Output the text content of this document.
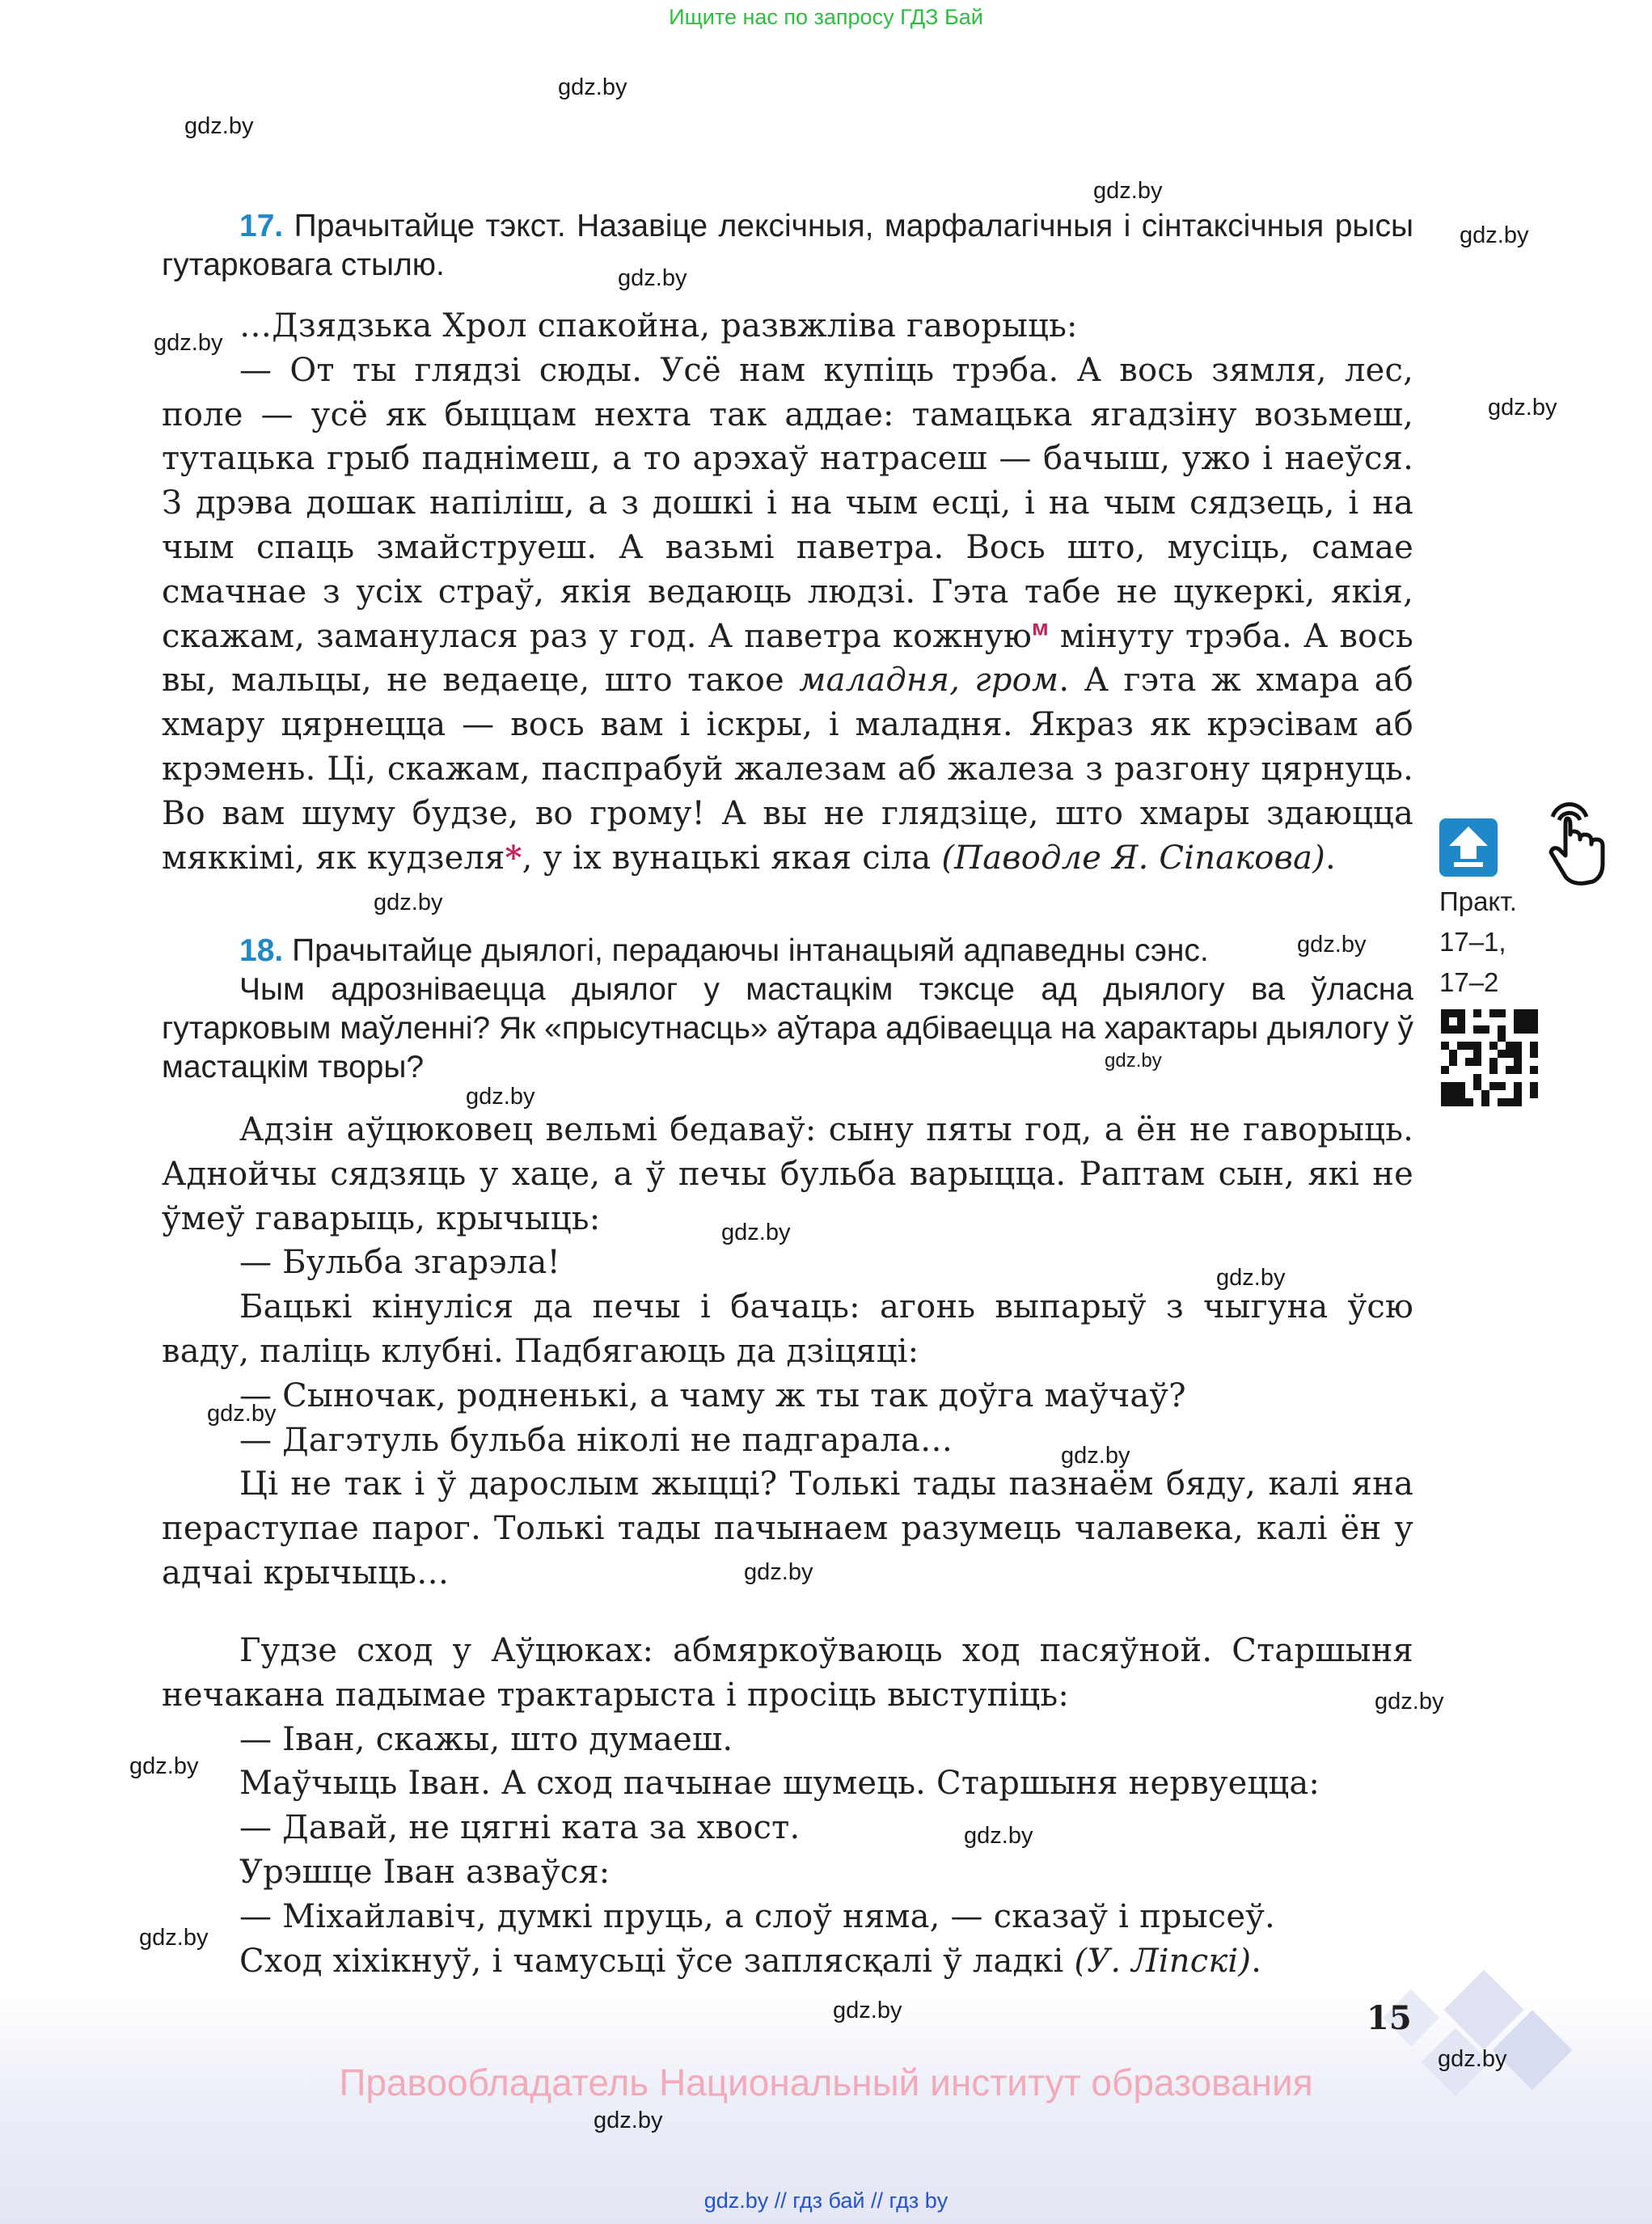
Ищите нас по запросу ГДЗ Бай
gdz.by
gdz.by
gdz.by
gdz.by
gdz.by
gdz.by
gdz.by
gdz.by
gdz.by
gdz.by
gdz.by
gdz.by
gdz.by
gdz.by
gdz.by
gdz.by
gdz.by
gdz.by
gdz.by
gdz.by

17. Прачытайце тэкст. Назавіце лексічныя, марфалагічныя і сінтаксічныя рысы гутарковага стылю.

…Дзядзька Хрол спакойна, развжліва гаворыць:

— От ты глядзі сюды. Усё нам купіць трэба. А вось зямля, лес, поле — усё як быццам нехта так аддае: тамацька ягадзіну возьмеш, тутацька грыб паднімеш, а то арэхаў натрасеш — бачыш, ужо і наеўся. З дрэва дошак напіліш, а з дошкі і на чым есці, і на чым сядзець, і на чым спаць змайструеш. А вазьмі паветра. Вось што, мусіць, самае смачнае з усіх страў, якія ведаюць людзі. Гэта табе не цукеркі, якія, скажам, заманулася раз у год. А паветра кожную$^м$ мінуту трэба. А вось вы, мальцы, не ведаеце, што такое маладня, гром. А гэта ж хмара аб хмару цярнецца — вось вам і іскры, і маладня. Якраз як крэсівам аб крэмень. Ці, скажам, паспрабуй жалезам аб жалеза з разгону цярнуць. Во вам шуму будзе, во грому! А вы не глядзіце, што хмары здаюцца мяккімі, як кудзеля*, у іх вунацькі якая сіла (Паводле Я. Сіпакова).

18. Прачытайце дыялогі, перадаючы інтанацыяй адпаведны сэнс.

Чым адрозніваецца дыялог у мастацкім тэксце ад дыялогу ва ўласна гутарковым маўленні? Як «прысутнасць» аўтара адбіваецца на характары дыялогу ў мастацкім творы?

Адзін аўцюковец вельмі бедаваў: сыну пяты год, а ён не гаворыць. Аднойчы сядзяць у хаце, а ў печы бульба варыцца. Раптам сын, які не ўмеў гаварыць, крычыць:

— Бульба згарэла!

Бацькі кінуліся да печы і бачаць: агонь выпарыў з чыгуна ўсю ваду, паліць клубні. Падбягаюць да дзіцяці:

— Сыночак, родненькі, а чаму ж ты так доўга маўчаў?

— Дагэтуль бульба ніколі не падгарала…

Ці не так і ў дарослым жыцці? Толькі тады пазнаём бяду, калі яна пераступае парог. Толькі тады пачынаем разумець чалавека, калі ён у адчаі крычыць…

Гудзе сход у Аўцюках: абмяркоўваюць ход пасяўной. Старшыня нечакана падымае трактарыста і просіць выступіць:

— Іван, скажы, што думаеш.

Маўчыць Іван. А сход пачынае шумець. Старшыня нервуецца:

— Давай, не цягні ката за хвост.

Урэшце Іван азваўся:

— Міхайлавіч, думкі пруць, а слоў няма, — сказаў і прысеў.

Сход хіхікнуў, і чамусьці ўсе заплясқалі ў ладкі (У. Ліпскі).

Практ.
17–1,
17–2
15
gdz.by
gdz.by
Правообладатель Национальный институт образования
gdz.by
gdz.by // гдз бай // гдз by
